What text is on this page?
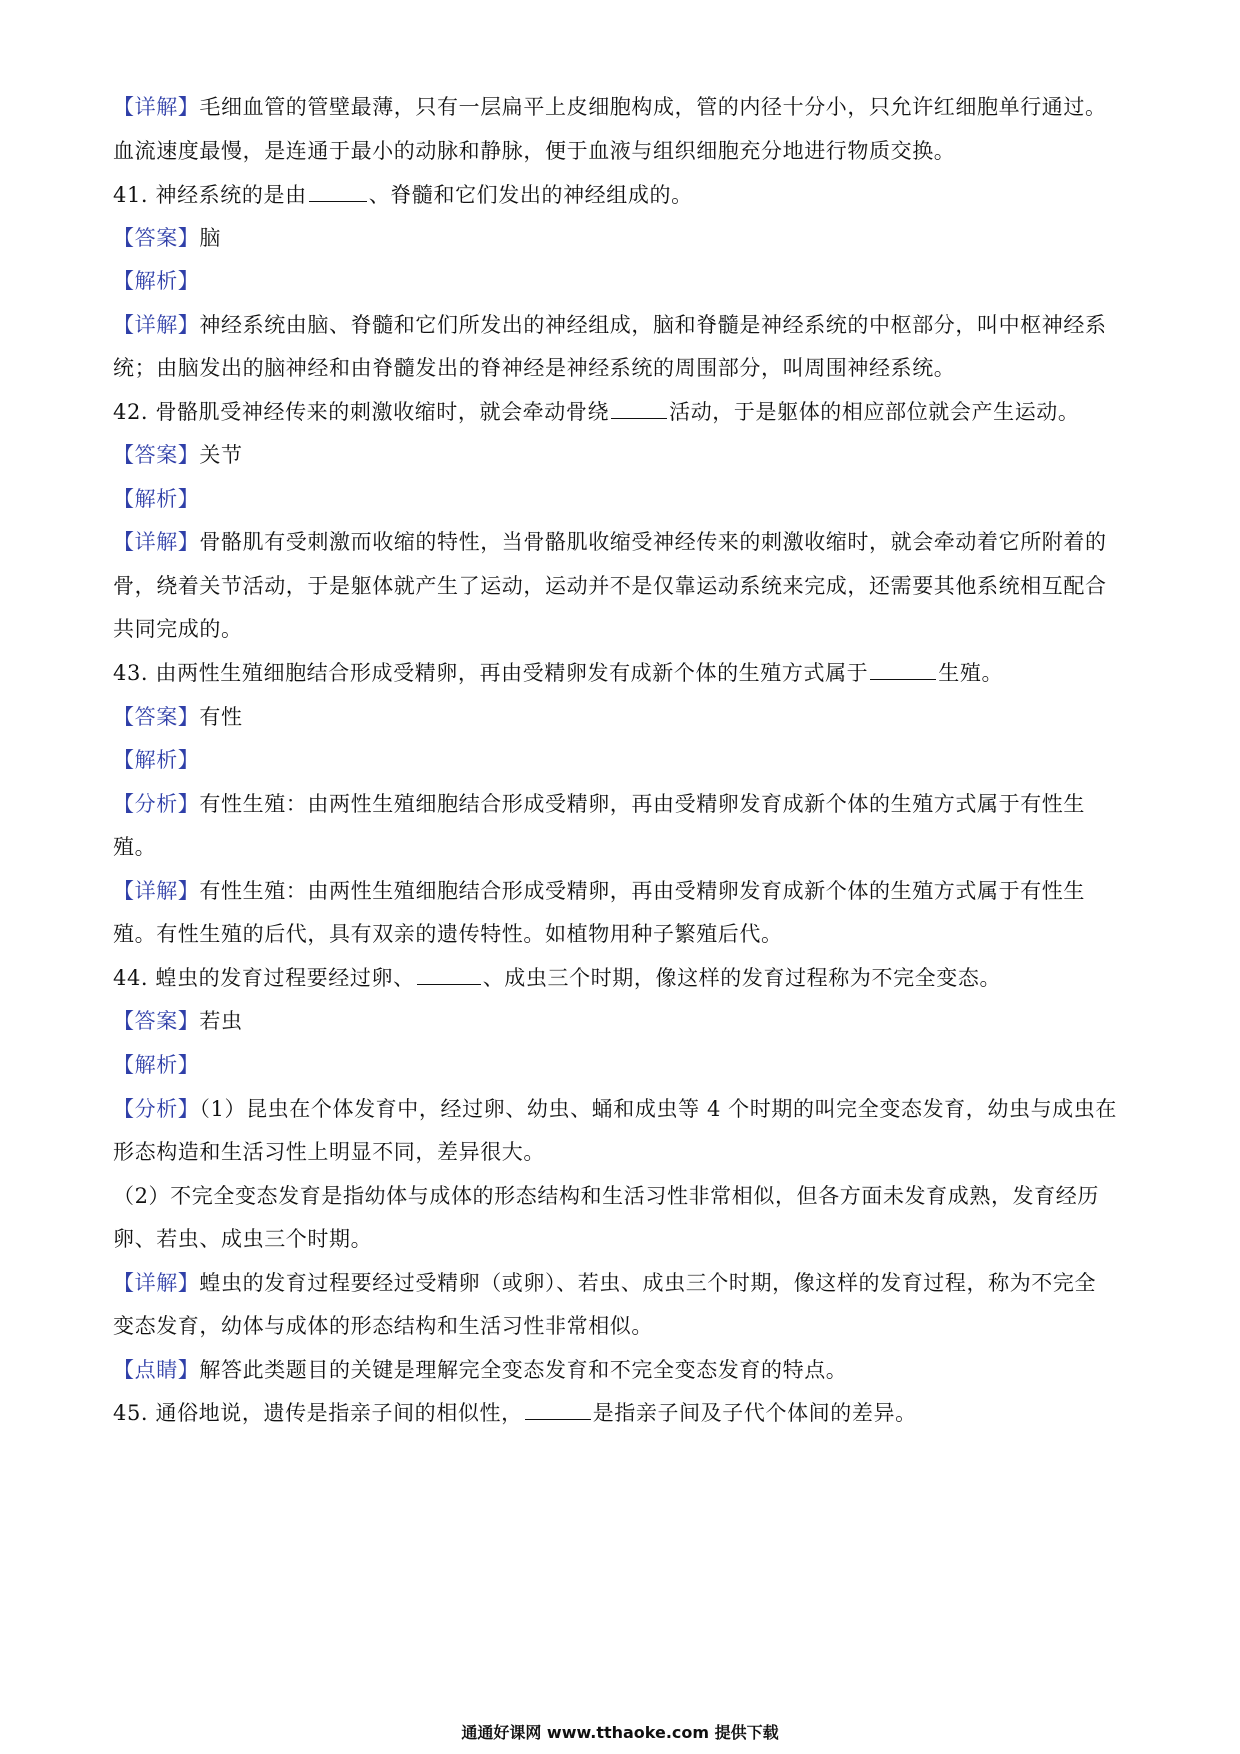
【详解】毛细血管的管壁最薄，只有一层扁平上皮细胞构成，管的内径十分小，只允许红细胞单行通过。
血流速度最慢，是连通于最小的动脉和静脉，便于血液与组织细胞充分地进行物质交换。
41. 神经系统的是由	、脊髓和它们发出的神经组成的。
【答案】脑
【解析】
【详解】神经系统由脑、脊髓和它们所发出的神经组成，脑和脊髓是神经系统的中枢部分，叫中枢神经系
统；由脑发出的脑神经和由脊髓发出的脊神经是神经系统的周围部分，叫周围神经系统。
42. 骨骼肌受神经传来的刺激收缩时，就会牵动骨绕	活动，于是躯体的相应部位就会产生运动。
【答案】关节
【解析】
【详解】骨骼肌有受刺激而收缩的特性，当骨骼肌收缩受神经传来的刺激收缩时，就会牵动着它所附着的
骨，绕着关节活动，于是躯体就产生了运动，运动并不是仅靠运动系统来完成，还需要其他系统相互配合
共同完成的。
43. 由两性生殖细胞结合形成受精卵，再由受精卵发有成新个体的生殖方式属于	生殖。
【答案】有性
【解析】
【分析】有性生殖：由两性生殖细胞结合形成受精卵，再由受精卵发育成新个体的生殖方式属于有性生
殖。
【详解】有性生殖：由两性生殖细胞结合形成受精卵，再由受精卵发育成新个体的生殖方式属于有性生
殖。有性生殖的后代，具有双亲的遗传特性。如植物用种子繁殖后代。
44. 蝗虫的发育过程要经过卵、	、成虫三个时期，像这样的发育过程称为不完全变态。
【答案】若虫
【解析】
【分析】（1）昆虫在个体发育中，经过卵、幼虫、蛹和成虫等 4 个时期的叫完全变态发育，幼虫与成虫在
形态构造和生活习性上明显不同，差异很大。
（2）不完全变态发育是指幼体与成体的形态结构和生活习性非常相似，但各方面未发育成熟，发育经历
卵、若虫、成虫三个时期。
【详解】蝗虫的发育过程要经过受精卵（或卵）、若虫、成虫三个时期，像这样的发育过程，称为不完全
变态发育，幼体与成体的形态结构和生活习性非常相似。
【点睛】解答此类题目的关键是理解完全变态发育和不完全变态发育的特点。
45. 通俗地说，遗传是指亲子间的相似性，	是指亲子间及子代个体间的差异。
通通好课网 www.tthaoke.com 提供下载
